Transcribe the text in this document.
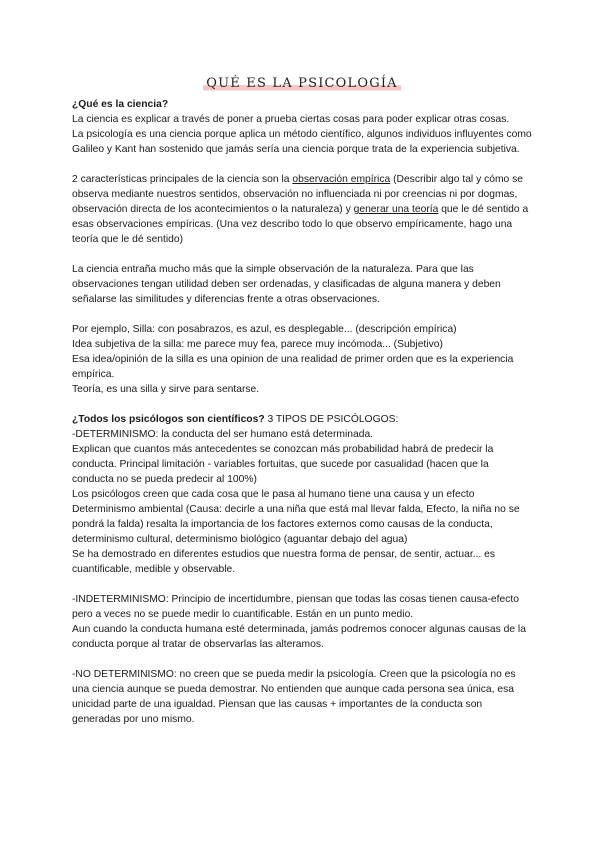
QUÉ ES LA PSICOLOGÍA

¿Qué es la ciencia?

La ciencia es explicar a través de poner a prueba ciertas cosas para poder explicar otras cosas.

La psicología es una ciencia porque aplica un método científico, algunos individuos influyentes como Galileo y Kant han sostenido que jamás sería una ciencia porque trata de la experiencia subjetiva.

2 características principales de la ciencia son la observación empírica (Describir algo tal y cómo se observa mediante nuestros sentidos, observación no influenciada ni por creencias ni por dogmas, observación directa de los acontecimientos o la naturaleza) y generar una teoría que le dé sentido a esas observaciones empíricas. (Una vez describo todo lo que observo empíricamente, hago una teoría que le dé sentido)

La ciencia entraña mucho más que la simple observación de la naturaleza. Para que las observaciones tengan utilidad deben ser ordenadas, y clasificadas de alguna manera y deben señalarse las similitudes y diferencias frente a otras observaciones.

Por ejemplo, Silla: con posabrazos, es azul, es desplegable... (descripción empírica)

Idea subjetiva de la silla: me parece muy fea, parece muy incómoda... (Subjetivo)

Esa idea/opinión de la silla es una opinion de una realidad de primer orden que es la experiencia empírica.

Teoría, es una silla y sirve para sentarse.

¿Todos los psicólogos son científicos? 3 TIPOS DE PSICÓLOGOS:

-DETERMINISMO: la conducta del ser humano está determinada.

Explican que cuantos más antecedentes se conozcan más probabilidad habrá de predecir la conducta. Principal limitación - variables fortuitas, que sucede por casualidad (hacen que la conducta no se pueda predecir al 100%)

Los psicólogos creen que cada cosa que le pasa al humano tiene una causa y un efecto Determinismo ambiental (Causa: decirle a una niña que está mal llevar falda, Efecto, la niña no se pondrá la falda) resalta la importancia de los factores externos como causas de la conducta, determinismo cultural, determinismo biológico (aguantar debajo del agua)

Se ha demostrado en diferentes estudios que nuestra forma de pensar, de sentir, actuar... es cuantificable, medible y observable.

-INDETERMINISMO: Principio de incertidumbre, piensan que todas las cosas tienen causa-efecto pero a veces no se puede medir lo cuantificable. Están en un punto medio.

Aun cuando la conducta humana esté determinada, jamás podremos conocer algunas causas de la conducta porque al tratar de observarlas las alteramos.

-NO DETERMINISMO: no creen que se pueda medir la psicología. Creen que la psicología no es una ciencia aunque se pueda demostrar. No entienden que aunque cada persona sea única, esa unicidad parte de una igualdad. Piensan que las causas + importantes de la conducta son generadas por uno mismo.
